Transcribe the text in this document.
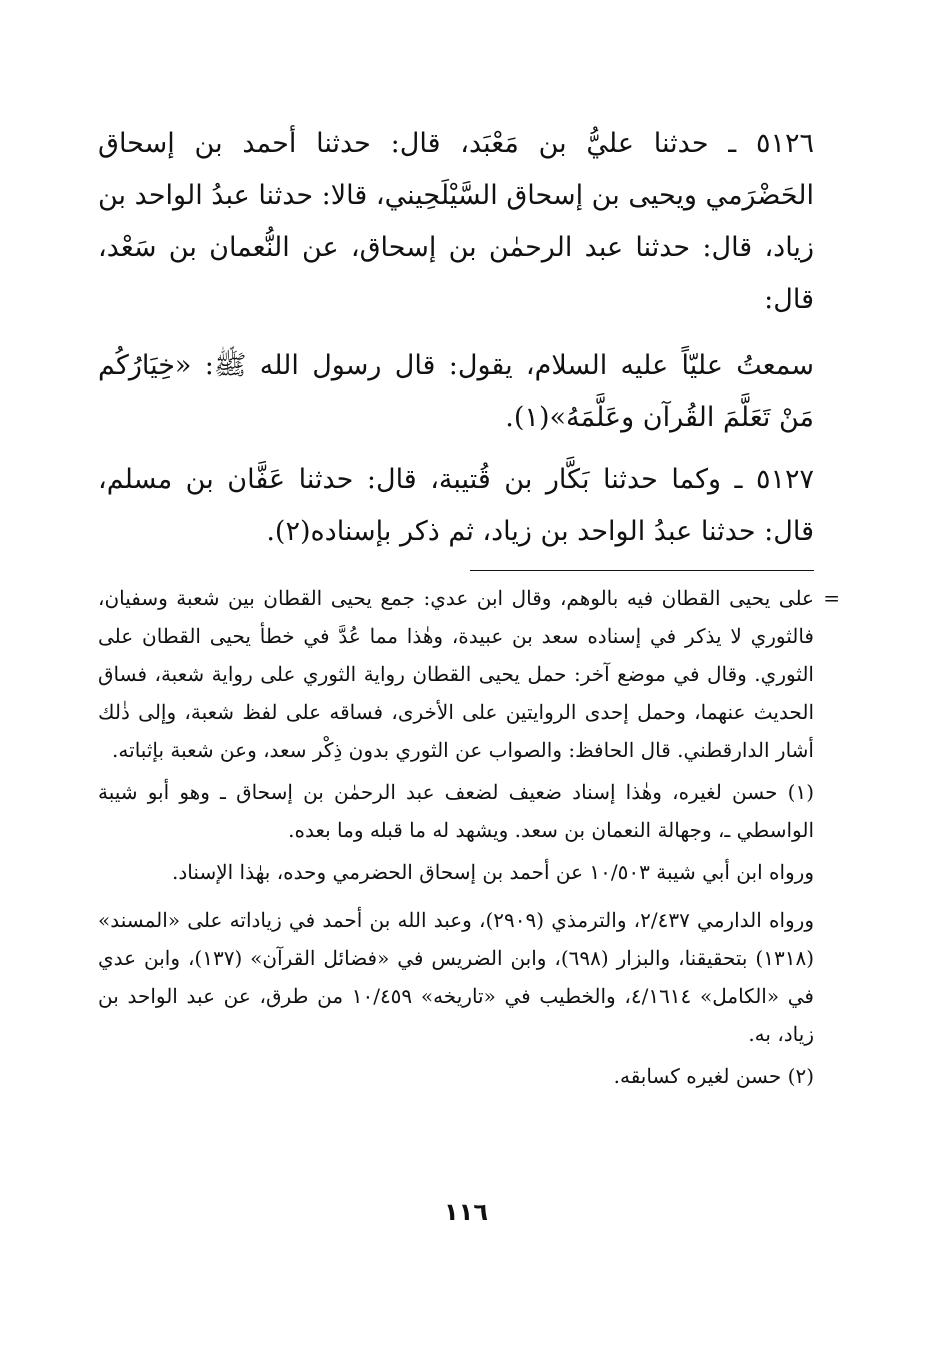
٥١٢٦ ـ حدثنا عليُّ بن مَعْبَد، قال: حدثنا أحمد بن إسحاق الحَضْرَمي ويحيى بن إسحاق السَّيْلَحِيني، قالا: حدثنا عبدُ الواحد بن زياد، قال: حدثنا عبد الرحمٰن بن إسحاق، عن النُّعمان بن سَعْد، قال:

سمعتُ عليّاً عليه السلام، يقول: قال رسول الله ﷺ: «خِيَارُكُم مَنْ تَعَلَّمَ القُرآن وعَلَّمَهُ»(١).

٥١٢٧ ـ وكما حدثنا بَكَّار بن قُتيبة، قال: حدثنا عَفَّان بن مسلم، قال: حدثنا عبدُ الواحد بن زياد، ثم ذكر بإسناده(٢).

=

على يحيى القطان فيه بالوهم، وقال ابن عدي: جمع يحيى القطان بين شعبة وسفيان، فالثوري لا يذكر في إسناده سعد بن عبيدة، وهٰذا مما عُدَّ في خطأ يحيى القطان على الثوري. وقال في موضع آخر: حمل يحيى القطان رواية الثوري على رواية شعبة، فساق الحديث عنهما، وحمل إحدى الروايتين على الأخرى، فساقه على لفظ شعبة، وإلى ذٰلك أشار الدارقطني. قال الحافظ: والصواب عن الثوري بدون ذِكْر سعد، وعن شعبة بإثباته.

(١) حسن لغيره، وهٰذا إسناد ضعيف لضعف عبد الرحمٰن بن إسحاق ـ وهو أبو شيبة الواسطي ـ، وجهالة النعمان بن سعد. ويشهد له ما قبله وما بعده.

ورواه ابن أبي شيبة ١٠/٥٠٣ عن أحمد بن إسحاق الحضرمي وحده، بهٰذا الإسناد.

ورواه الدارمي ٢/٤٣٧، والترمذي (٢٩٠٩)، وعبد الله بن أحمد في زياداته على «المسند» (١٣١٨) بتحقيقنا، والبزار (٦٩٨)، وابن الضريس في «فضائل القرآن» (١٣٧)، وابن عدي في «الكامل» ٤/١٦١٤، والخطيب في «تاريخه» ١٠/٤٥٩ من طرق، عن عبد الواحد بن زياد، به.

(٢) حسن لغيره كسابقه.

١١٦
